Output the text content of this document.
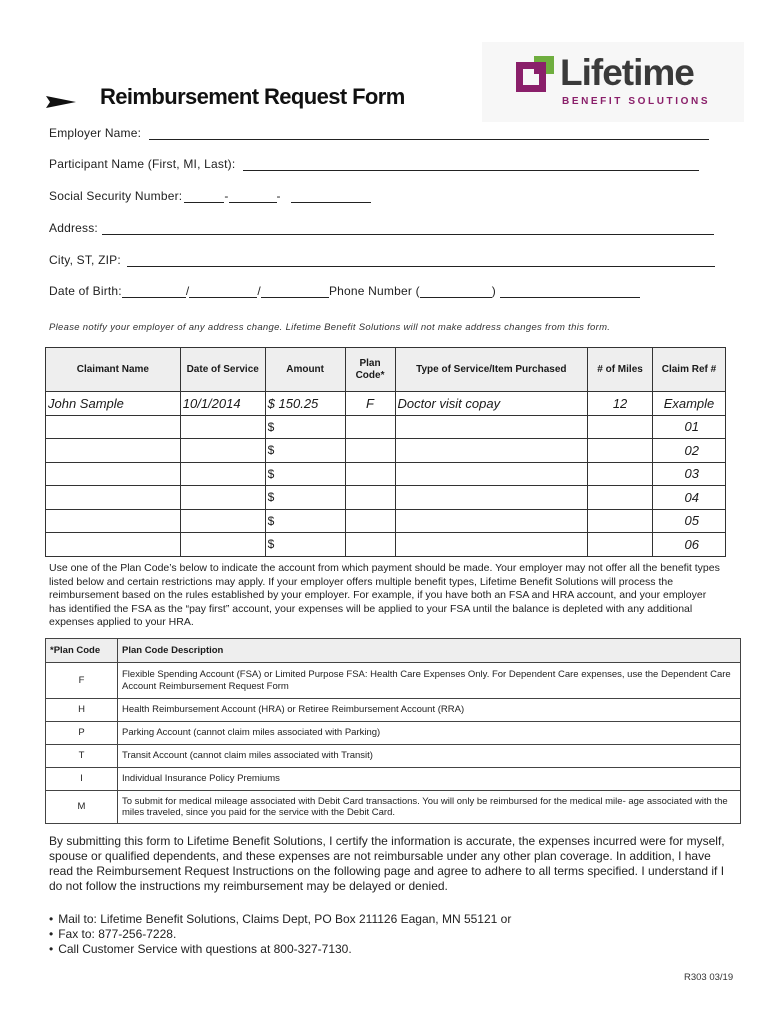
Reimbursement Request Form
Lifetime
BENEFIT SOLUTIONS
Employer Name:
Participant Name (First, MI, Last):
Social Security Number:	-	-
Address:
City, ST, ZIP:
Date of Birth:	/	/	Phone Number (	)
Please notify your employer of any address change. Lifetime Benefit Solutions will not make address changes from this form.
Claimant Name	Date of Service	Amount	Plan Code*	Type of Service/Item Purchased	# of Miles	Claim Ref #
John Sample	10/1/2014	$ 150.25	F	Doctor visit copay	12	Example
		$				01
		$				02
		$				03
		$				04
		$				05
		$				06
Use one of the Plan Code’s below to indicate the account from which payment should be made. Your employer may not offer all the benefit types listed below and certain restrictions may apply. If your employer offers multiple benefit types, Lifetime Benefit Solutions will process the reimbursement based on the rules established by your employer. For example, if you have both an FSA and HRA account, and your employer has identified the FSA as the “pay first” account, your expenses will be applied to your FSA until the balance is depleted with any additional expenses applied to your HRA.
*Plan Code	Plan Code Description
F	Flexible Spending Account (FSA) or Limited Purpose FSA: Health Care Expenses Only. For Dependent Care expenses, use the Dependent Care Account Reimbursement Request Form
H	Health Reimbursement Account (HRA) or Retiree Reimbursement Account (RRA)
P	Parking Account (cannot claim miles associated with Parking)
T	Transit Account (cannot claim miles associated with Transit)
I	Individual Insurance Policy Premiums
M	To submit for medical mileage associated with Debit Card transactions. You will only be reimbursed for the medical mile- age associated with the miles traveled, since you paid for the service with the Debit Card.
By submitting this form to Lifetime Benefit Solutions, I certify the information is accurate, the expenses incurred were for myself, spouse or qualified dependents, and these expenses are not reimbursable under any other plan coverage. In addition, I have read the Reimbursement Request Instructions on the following page and agree to adhere to all terms specified. I understand if I do not follow the instructions my reimbursement may be delayed or denied.
• Mail to: Lifetime Benefit Solutions, Claims Dept, PO Box 211126 Eagan, MN 55121 or
• Fax to: 877-256-7228.
• Call Customer Service with questions at 800-327-7130.
R303 03/19
